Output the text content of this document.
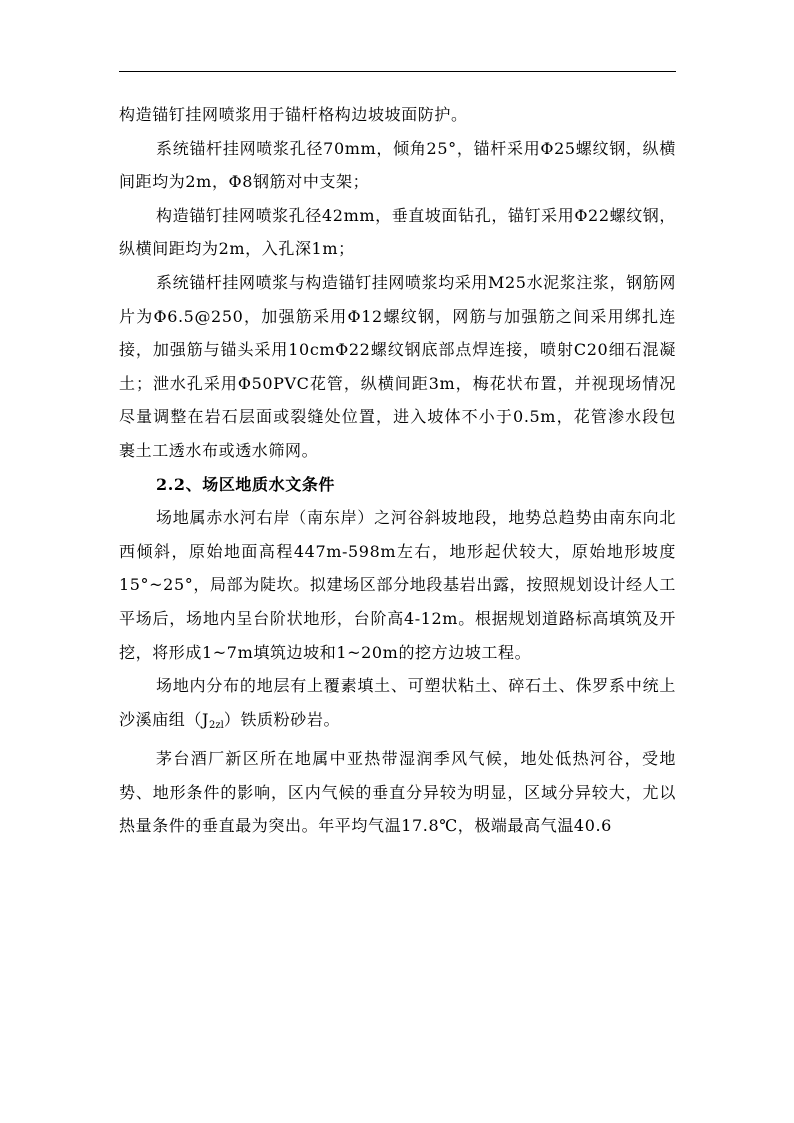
构造锚钉挂网喷浆用于锚杆格构边坡坡面防护。

系统锚杆挂网喷浆孔径70mm，倾角25°，锚杆采用Φ25螺纹钢，纵横间距均为2m，Φ8钢筋对中支架；

构造锚钉挂网喷浆孔径42mm，垂直坡面钻孔，锚钉采用Φ22螺纹钢，纵横间距均为2m，入孔深1m；

系统锚杆挂网喷浆与构造锚钉挂网喷浆均采用M25水泥浆注浆，钢筋网片为Φ6.5@250，加强筋采用Φ12螺纹钢，网筋与加强筋之间采用绑扎连接，加强筋与锚头采用10cmΦ22螺纹钢底部点焊连接，喷射C20细石混凝土；泄水孔采用Φ50PVC花管，纵横间距3m，梅花状布置，并视现场情况尽量调整在岩石层面或裂缝处位置，进入坡体不小于0.5m，花管渗水段包裹土工透水布或透水筛网。

2.2、场区地质水文条件

场地属赤水河右岸（南东岸）之河谷斜坡地段，地势总趋势由南东向北西倾斜，原始地面高程447m-598m左右，地形起伏较大，原始地形坡度15°~25°，局部为陡坎。拟建场区部分地段基岩出露，按照规划设计经人工平场后，场地内呈台阶状地形，台阶高4-12m。根据规划道路标高填筑及开挖，将形成1~7m填筑边坡和1~20m的挖方边坡工程。

场地内分布的地层有上覆素填土、可塑状粘土、碎石土、侏罗系中统上沙溪庙组$(J_{2zl})$铁质粉砂岩。

茅台酒厂新区所在地属中亚热带湿润季风气候，地处低热河谷，受地势、地形条件的影响，区内气候的垂直分异较为明显，区域分异较大，尤以热量条件的垂直最为突出。年平均气温17.8℃，极端最高气温40.6
